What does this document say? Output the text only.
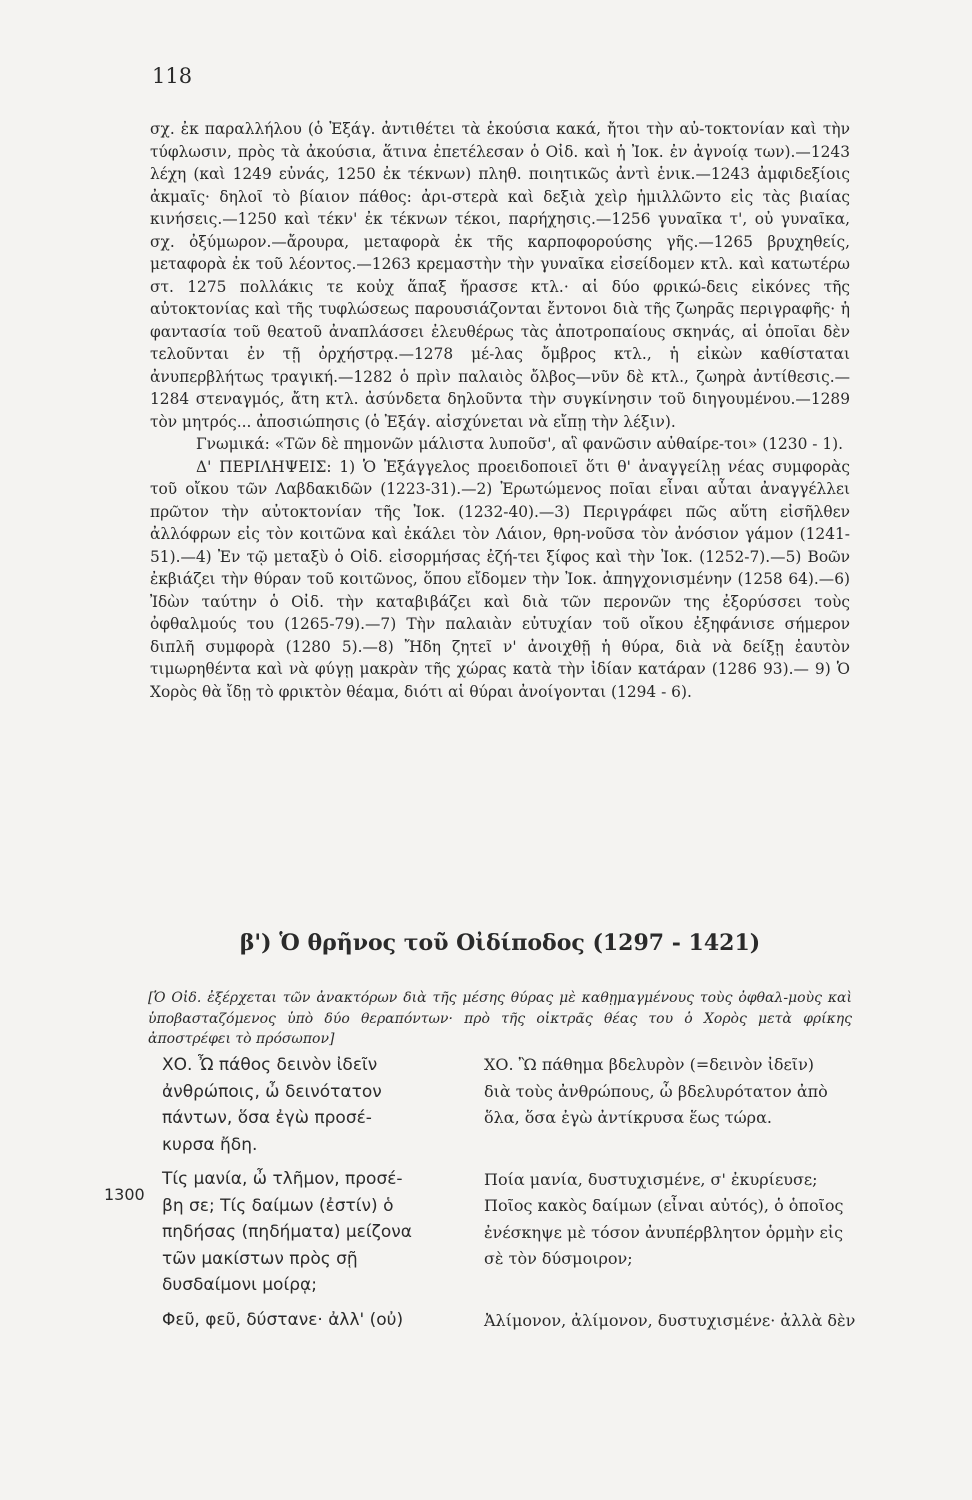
118

σχ. ἐκ παραλλήλου (ὁ Ἐξάγ. ἀντιθέτει τὰ ἑκούσια κακά, ἤτοι τὴν αὐ-τοκτονίαν καὶ τὴν τύφλωσιν, πρὸς τὰ ἀκούσια, ἅτινα ἐπετέλεσαν ὁ Οἰδ. καὶ ἡ Ἰοκ. ἐν ἀγνοίᾳ των).—1243 λέχη (καὶ 1249 εὐνάς, 1250 ἐκ τέκνων) πληθ. ποιητικῶς ἀντὶ ἑνικ.—1243 ἀμφιδεξίοις ἀκμαῖς· δηλοῖ τὸ βίαιον πάθος: ἀρι-στερὰ καὶ δεξιὰ χεὶρ ἡμιλλῶντο εἰς τὰς βιαίας κινήσεις.—1250 καὶ τέκν' ἐκ τέκνων τέκοι, παρήχησις.—1256 γυναῖκα τ', οὐ γυναῖκα, σχ. ὀξύμωρον.—ἄρουρα, μεταφορὰ ἐκ τῆς καρποφορούσης γῆς.—1265 βρυχηθείς, μεταφορὰ ἐκ τοῦ λέοντος.—1263 κρεμαστὴν τὴν γυναῖκα εἰσείδομεν κτλ. καὶ κατωτέρω στ. 1275 πολλάκις τε κοὐχ ἅπαξ ἤρασσε κτλ.· αἱ δύο φρικώ-δεις εἰκόνες τῆς αὐτοκτονίας καὶ τῆς τυφλώσεως παρουσιάζονται ἔντονοι διὰ τῆς ζωηρᾶς περιγραφῆς· ἡ φαντασία τοῦ θεατοῦ ἀναπλάσσει ἐλευθέρως τὰς ἀποτροπαίους σκηνάς, αἱ ὁποῖαι δὲν τελοῦνται ἐν τῇ ὀρχήστρᾳ.—1278 μέ-λας ὄμβρος κτλ., ἡ εἰκὼν καθίσταται ἀνυπερβλήτως τραγική.—1282 ὁ πρὶν παλαιὸς ὄλβος—νῦν δὲ κτλ., ζωηρὰ ἀντίθεσις.—1284 στεναγμός, ἄτη κτλ. ἀσύνδετα δηλοῦντα τὴν συγκίνησιν τοῦ διηγουμένου.—1289 τὸν μητρός... ἀποσιώπησις (ὁ Ἐξάγ. αἰσχύνεται νὰ εἴπῃ τὴν λέξιν).

Γνωμικά: «Τῶν δὲ πημονῶν μάλιστα λυποῦσ', αἳ φανῶσιν αὐθαίρε-τοι» (1230 - 1).

Δ' ΠΕΡΙΛΗΨΕΙΣ: 1) Ὁ Ἐξάγγελος προειδοποιεῖ ὅτι θ' ἀναγγείλῃ νέας συμφορὰς τοῦ οἴκου τῶν Λαβδακιδῶν (1223-31).—2) Ἐρωτώμενος ποῖαι εἶναι αὗται ἀναγγέλλει πρῶτον τὴν αὐτοκτονίαν τῆς Ἰοκ. (1232-40).—3) Περιγράφει πῶς αὕτη εἰσῆλθεν ἀλλόφρων εἰς τὸν κοιτῶνα καὶ ἐκάλει τὸν Λάιον, θρη-νοῦσα τὸν ἀνόσιον γάμον (1241-51).—4) Ἐν τῷ μεταξὺ ὁ Οἰδ. εἰσορμήσας ἐζή-τει ξίφος καὶ τὴν Ἰοκ. (1252-7).—5) Βοῶν ἐκβιάζει τὴν θύραν τοῦ κοιτῶνος, ὅπου εἴδομεν τὴν Ἰοκ. ἀπηγχονισμένην (1258 64).—6) Ἰδὼν ταύτην ὁ Οἰδ. τὴν καταβιβάζει καὶ διὰ τῶν περονῶν της ἐξορύσσει τοὺς ὀφθαλμούς του (1265-79).—7) Τὴν παλαιὰν εὐτυχίαν τοῦ οἴκου ἐξηφάνισε σήμερον διπλῆ συμφορὰ (1280 5).—8) Ἤδη ζητεῖ ν' ἀνοιχθῇ ἡ θύρα, διὰ νὰ δείξῃ ἑαυτὸν τιμωρηθέντα καὶ νὰ φύγῃ μακρὰν τῆς χώρας κατὰ τὴν ἰδίαν κατάραν (1286 93).— 9) Ὁ Χορὸς θὰ ἴδῃ τὸ φρικτὸν θέαμα, διότι αἱ θύραι ἀνοίγονται (1294 - 6).

β') Ὁ θρῆνος τοῦ Οἰδίποδος (1297 - 1421)
[Ὁ Οἰδ. ἐξέρχεται τῶν ἀνακτόρων διὰ τῆς μέσης θύρας μὲ καθῃμαγμένους τοὺς ὀφθαλ-μοὺς καὶ ὑποβασταζόμενος ὑπὸ δύο θεραπόντων· πρὸ τῆς οἰκτρᾶς θέας του ὁ Χορὸς μετὰ φρίκης ἀποστρέφει τὸ πρόσωπον]
1300
ΧΟ. Ὦ πάθος δεινὸν ἰδεῖν
ἀνθρώποις, ὦ δεινότατον
πάντων, ὅσα ἐγὼ προσέ-
κυρσα ἤδη.
Τίς μανία, ὦ τλῆμον, προσέ-
βη σε; Τίς δαίμων (ἐστίν) ὁ
πηδήσας (πηδήματα) μείζονα
τῶν μακίστων πρὸς σῇ
δυσδαίμονι μοίρᾳ;
Φεῦ, φεῦ, δύστανε· ἀλλ' (οὐ)
ΧΟ. Ὢ πάθημα βδελυρὸν (=δεινὸν ἰδεῖν)
διὰ τοὺς ἀνθρώπους, ὦ βδελυρότατον ἀπὸ
ὅλα, ὅσα ἐγὼ ἀντίκρυσα ἕως τώρα.
Ποία μανία, δυστυχισμένε, σ' ἐκυρίευσε;
Ποῖος κακὸς δαίμων (εἶναι αὐτός), ὁ ὁποῖος
ἐνέσκηψε μὲ τόσον ἀνυπέρβλητον ὁρμὴν εἰς
σὲ τὸν δύσμοιρον;
Ἀλίμονον, ἀλίμονον, δυστυχισμένε· ἀλλὰ δὲν
